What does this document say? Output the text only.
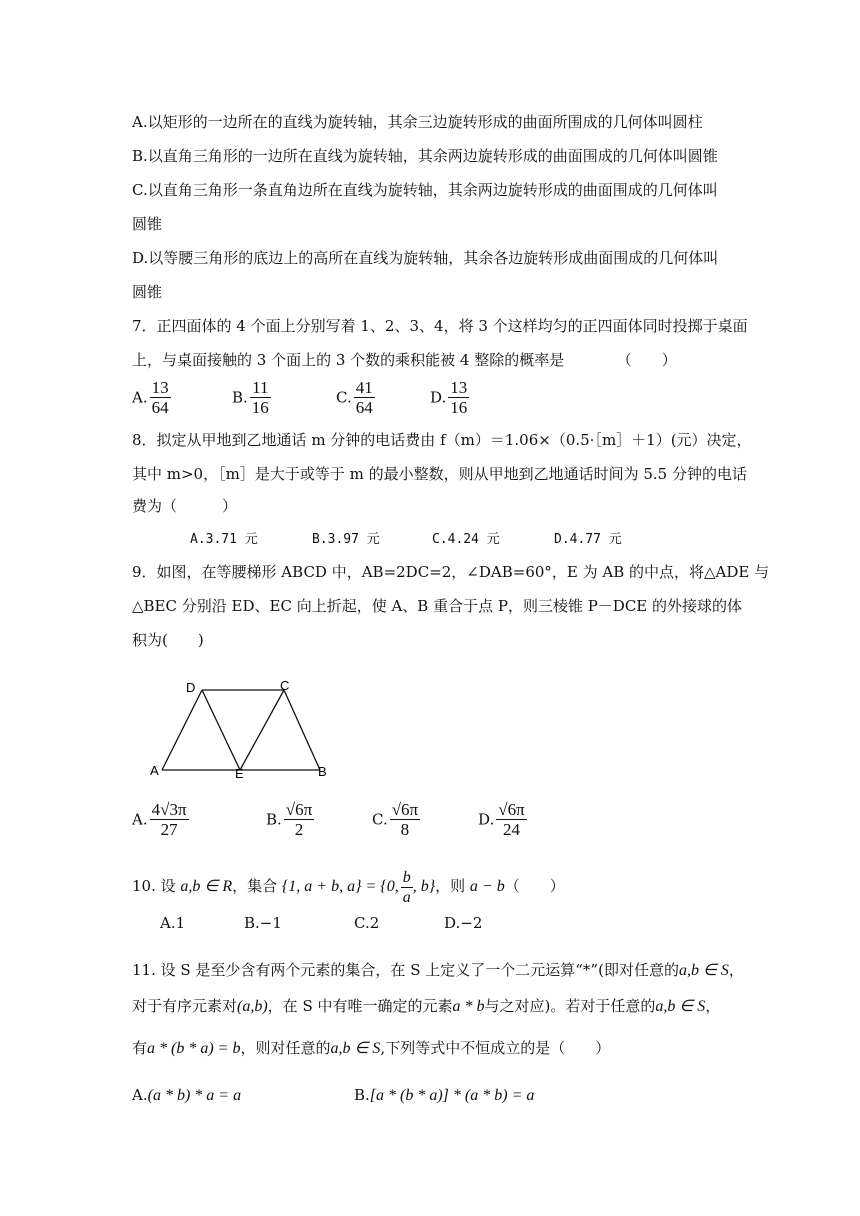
A.以矩形的一边所在的直线为旋转轴，其余三边旋转形成的曲面所围成的几何体叫圆柱
B.以直角三角形的一边所在直线为旋转轴，其余两边旋转形成的曲面围成的几何体叫圆锥
C.以直角三角形一条直角边所在直线为旋转轴，其余两边旋转形成的曲面围成的几何体叫
圆锥
D.以等腰三角形的底边上的高所在直线为旋转轴，其余各边旋转形成曲面围成的几何体叫
圆锥
7．正四面体的 4 个面上分别写着 1、2、3、4，将 3 个这样均匀的正四面体同时投掷于桌面
上，与桌面接触的 3 个面上的 3 个数的乘积能被 4 整除的概率是　　　　（　　）
A. $\frac{13}{64}$	B. $\frac{11}{16}$	C. $\frac{41}{64}$	D. $\frac{13}{16}$
8．拟定从甲地到乙地通话 m 分钟的电话费由 f（m）＝1.06×（0.5·［m］＋1）(元）决定，
其中 m>0，［m］是大于或等于 m 的最小整数，则从甲地到乙地通话时间为 5.5 分钟的电话
费为（　　　）
A.3.71 元	B.3.97 元	C.4.24 元	D.4.77 元
9．如图，在等腰梯形 ABCD 中，AB=2DC=2，∠DAB=60°，E 为 AB 的中点，将△ADE 与
△BEC 分别沿 ED、EC 向上折起，使 A、B 重合于点 P，则三棱锥 P－DCE 的外接球的体
积为(　　)
D	C
A	E	B
A. $\frac{4√3\pi}{27}$	B. $\frac{√6\pi}{2}$	C. $\frac{√6\pi}{8}$	D. $\frac{√6\pi}{24}$
10. 设 a,b ∈ R，集合 {1, a + b, a} = {0, $\frac{b}{a}$ , b}，则 a − b（　　）
A.1	B.−1	C.2	D.−2
11. 设 S 是至少含有两个元素的集合，在 S 上定义了一个二元运算“*”(即对任意的a,b ∈ S，
对于有序元素对(a,b)，在 S 中有唯一确定的元素a * b与之对应)。若对于任意的a,b ∈ S，
有a * (b * a) = b，则对任意的a,b ∈ S,下列等式中不恒成立的是（　　）
A.(a * b) * a = a	B.[a * (b * a)] * (a * b) = a
